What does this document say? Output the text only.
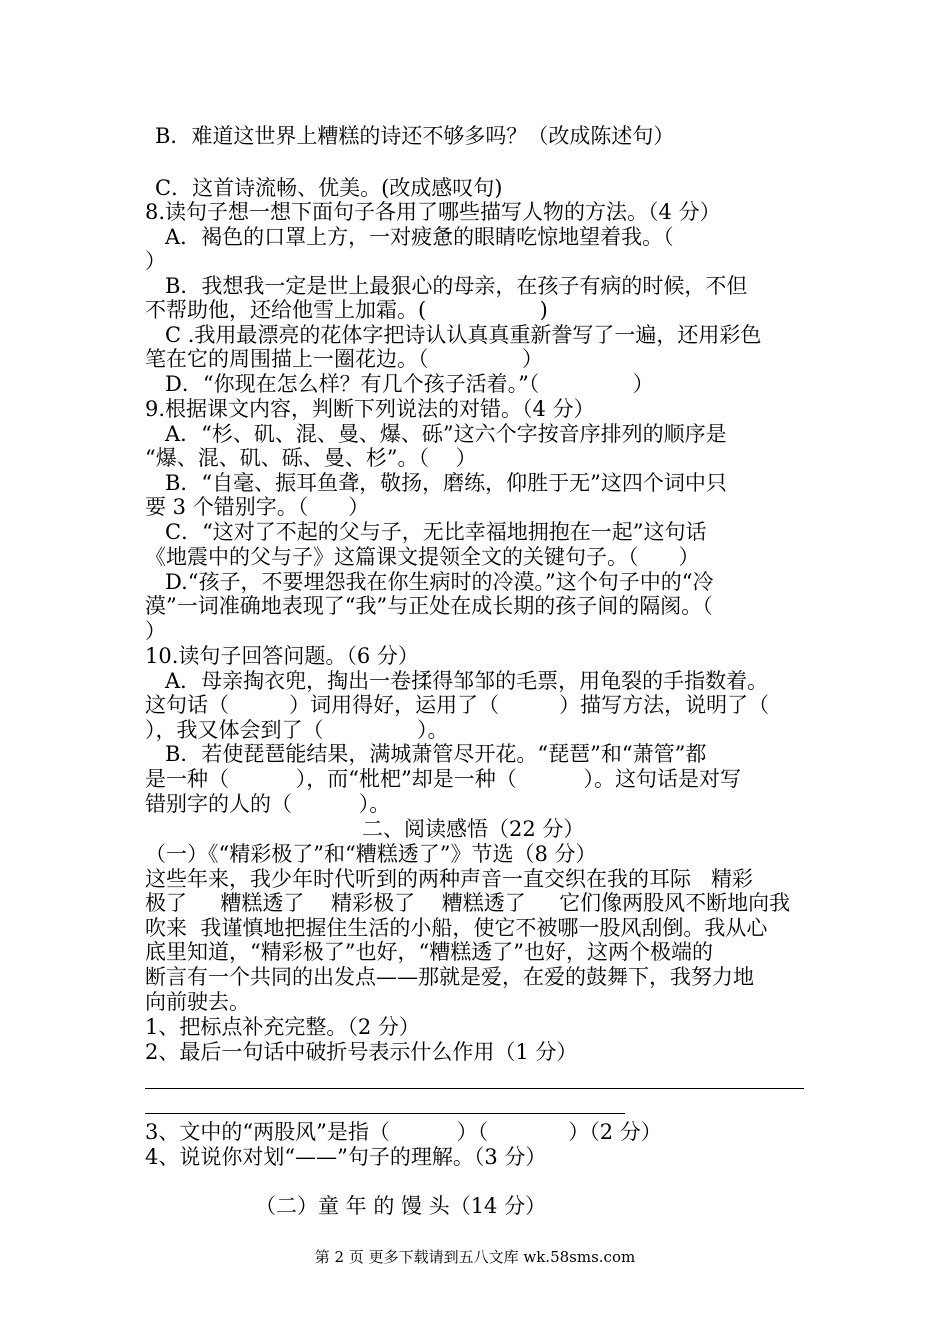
B．难道这世界上糟糕的诗还不够多吗？（改成陈述句）
C．这首诗流畅、优美。(改成感叹句)
8.读句子想一想下面句子各用了哪些描写人物的方法。（4 分）
A．褐色的口罩上方，一对疲惫的眼睛吃惊地望着我。（
）
B．我想我一定是世上最狠心的母亲，在孩子有病的时候，不但
不帮助他，还给他雪上加霜。(                 )
C .我用最漂亮的花体字把诗认认真真重新誊写了一遍，还用彩色
笔在它的周围描上一圈花边。（              ）
D．“你现在怎么样？有几个孩子活着。”（              ）
9.根据课文内容，判断下列说法的对错。（4 分）
A．“杉、矶、混、曼、爆、砾”这六个字按音序排列的顺序是
“爆、混、矶、砾、曼、杉”。（    ）
B．“自毫、振耳鱼聋，敬扬，磨练，仰胜于无”这四个词中只
要 3 个错别字。（      ）
C．“这对了不起的父与子，无比幸福地拥抱在一起”这句话
《地震中的父与子》这篇课文提领全文的关键句子。（      ）
D.“孩子，不要埋怨我在你生病时的冷漠。”这个句子中的“冷
漠”一词准确地表现了“我”与正处在成长期的孩子间的隔阂。（
）
10.读句子回答问题。（6 分）
A．母亲掏衣兜，掏出一卷揉得邹邹的毛票，用龟裂的手指数着。
这句话（         ）词用得好，运用了（         ）描写方法，说明了（
），我又体会到了（              ）。
B．若使琵琶能结果，满城萧管尽开花。“琵琶”和“萧管”都
是一种（          ），而“枇杷”却是一种（          ）。这句话是对写
错别字的人的（          ）。
二、阅读感悟（22 分）
（一）《“精彩极了”和“糟糕透了”》节选（8 分）
这些年来，我少年时代听到的两种声音一直交织在我的耳际   精彩
极了     糟糕透了    精彩极了    糟糕透了     它们像两股风不断地向我
吹来  我谨慎地把握住生活的小船，使它不被哪一股风刮倒。我从心
底里知道，“精彩极了”也好，“糟糕透了”也好，这两个极端的
断言有一个共同的出发点——那就是爱，在爱的鼓舞下，我努力地
向前驶去。
1、把标点补充完整。（2 分）
2、最后一句话中破折号表示什么作用（1 分）
3、文中的“两股风”是指（          ）（            ）（2 分）
4、说说你对划“——”句子的理解。（3 分）
（二）童 年 的 馒 头（14 分）
第 2 页 更多下载请到五八文库 wk.58sms.com
